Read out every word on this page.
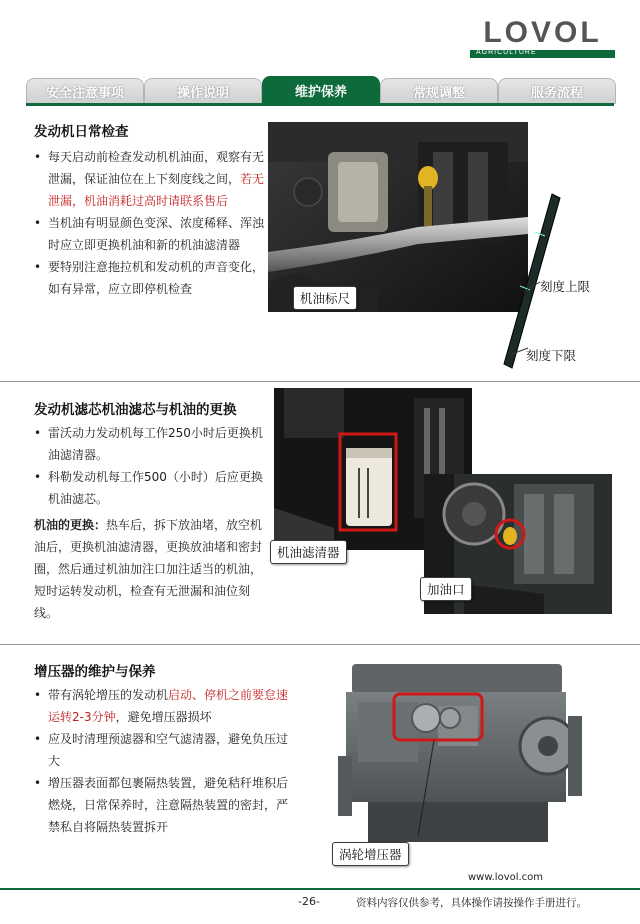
LOVOL
AGRICULTURE
安全注意事项	操作说明	维护保养	常规调整	服务流程
发动机日常检查
• 每天启动前检查发动机机油面，观察有无泄漏，保证油位在上下刻度线之间，若无泄漏，机油消耗过高时请联系售后
• 当机油有明显颜色变深、浓度稀释、浑浊时应立即更换机油和新的机油滤清器
• 要特别注意拖拉机和发动机的声音变化，如有异常，应立即停机检查
机油标尺
刻度上限
刻度下限
发动机滤芯机油滤芯与机油的更换
• 雷沃动力发动机每工作250小时后更换机油滤清器。
• 科勒发动机每工作500（小时）后应更换机油滤芯。

机油的更换：热车后，拆下放油堵，放空机油后，更换机油滤清器，更换放油堵和密封圈，然后通过机油加注口加注适当的机油，短时运转发动机，检查有无泄漏和油位刻线。

机油滤清器
加油口
增压器的维护与保养
• 带有涡轮增压的发动机启动、停机之前要怠速运转2-3分钟，避免增压器损坏
• 应及时清理预滤器和空气滤清器，避免负压过大
• 增压器表面都包裹隔热装置，避免秸秆堆积后燃烧，日常保养时，注意隔热装置的密封，严禁私自将隔热装置拆开
涡轮增压器
www.lovol.com
-26-	资料内容仅供参考，具体操作请按操作手册进行。
